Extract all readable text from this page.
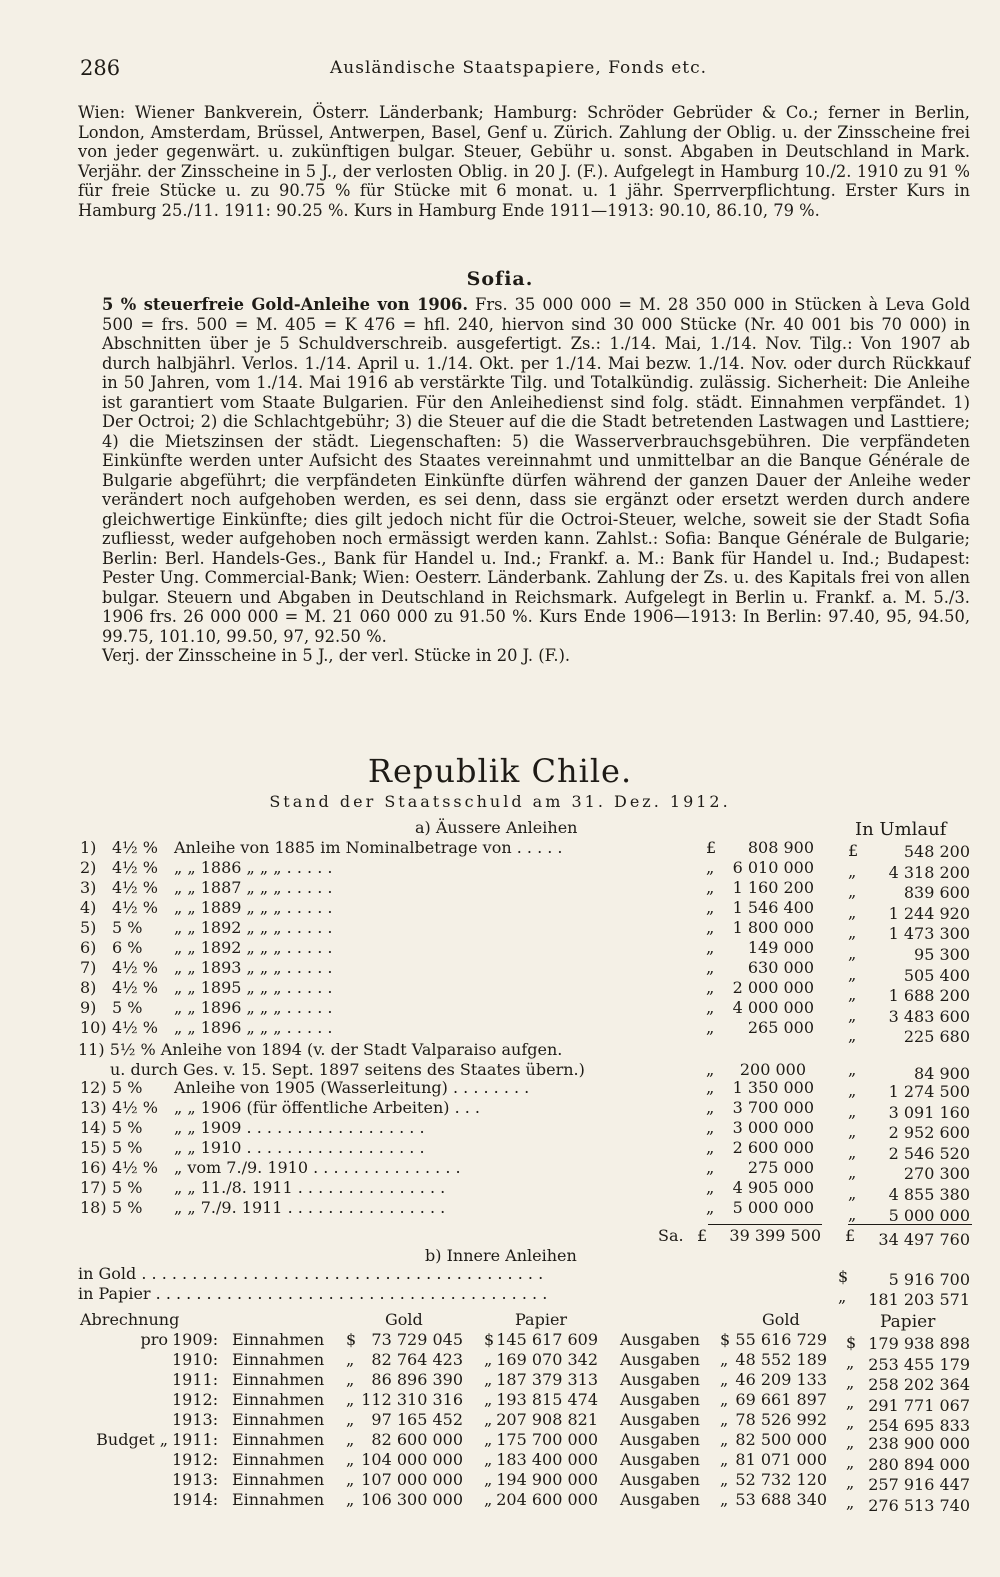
286	Ausländische Staatspapiere, Fonds etc.
Wien: Wiener Bankverein, Österr. Länderbank; Hamburg: Schröder Gebrüder & Co.; ferner in Berlin, London, Amsterdam, Brüssel, Antwerpen, Basel, Genf u. Zürich. Zahlung der Oblig. u. der Zinsscheine frei von jeder gegenwärt. u. zukünftigen bulgar. Steuer, Gebühr u. sonst. Abgaben in Deutschland in Mark. Verjähr. der Zinsscheine in 5 J., der verlosten Oblig. in 20 J. (F.). Aufgelegt in Hamburg 10./2. 1910 zu 91 % für freie Stücke u. zu 90.75 % für Stücke mit 6 monat. u. 1 jähr. Sperrverpflichtung. Erster Kurs in Hamburg 25./11. 1911: 90.25 %. Kurs in Hamburg Ende 1911—1913: 90.10, 86.10, 79 %.
Sofia.
5 % steuerfreie Gold-Anleihe von 1906. Frs. 35 000 000 = M. 28 350 000 in Stücken à Leva Gold 500 = frs. 500 = M. 405 = K 476 = hfl. 240, hiervon sind 30 000 Stücke (Nr. 40 001 bis 70 000) in Abschnitten über je 5 Schuldverschreib. ausgefertigt. Zs.: 1./14. Mai, 1./14. Nov. Tilg.: Von 1907 ab durch halbjährl. Verlos. 1./14. April u. 1./14. Okt. per 1./14. Mai bezw. 1./14. Nov. oder durch Rückkauf in 50 Jahren, vom 1./14. Mai 1916 ab verstärkte Tilg. und Totalkündig. zulässig. Sicherheit: Die Anleihe ist garantiert vom Staate Bulgarien. Für den Anleihedienst sind folg. städt. Einnahmen verpfändet. 1) Der Octroi; 2) die Schlachtgebühr; 3) die Steuer auf die die Stadt betretenden Lastwagen und Lasttiere; 4) die Mietszinsen der städt. Liegenschaften: 5) die Wasserverbrauchsgebühren. Die verpfändeten Einkünfte werden unter Aufsicht des Staates vereinnahmt und unmittelbar an die Banque Générale de Bulgarie abgeführt; die verpfändeten Einkünfte dürfen während der ganzen Dauer der Anleihe weder verändert noch aufgehoben werden, es sei denn, dass sie ergänzt oder ersetzt werden durch andere gleichwertige Einkünfte; dies gilt jedoch nicht für die Octroi-Steuer, welche, soweit sie der Stadt Sofia zufliesst, weder aufgehoben noch ermässigt werden kann. Zahlst.: Sofia: Banque Générale de Bulgarie; Berlin: Berl. Handels-Ges., Bank für Handel u. Ind.; Frankf. a. M.: Bank für Handel u. Ind.; Budapest: Pester Ung. Commercial-Bank; Wien: Oesterr. Länderbank. Zahlung der Zs. u. des Kapitals frei von allen bulgar. Steuern und Abgaben in Deutschland in Reichsmark. Aufgelegt in Berlin u. Frankf. a. M. 5./3. 1906 frs. 26 000 000 = M. 21 060 000 zu 91.50 %. Kurs Ende 1906—1913: In Berlin: 97.40, 95, 94.50, 99.75, 101.10, 99.50, 97, 92.50 %.
Verj. der Zinsscheine in 5 J., der verl. Stücke in 20 J. (F.).
Republik Chile.
Stand der Staatsschuld am 31. Dez. 1912.
a) Äussere Anleihen	In Umlauf
1) 4½ % Anleihe von 1885 im Nominalbetrage von . . . . .	£ 808 900 £	548 200
2) 4½ % „ „ 1886 „ „ „ . . . . .	„ 6 010 000 „ 4 318 200
3) 4½ % „ „ 1887 „ „ „ . . . . .	„ 1 160 200 „	839 600
4) 4½ % „ „ 1889 „ „ „ . . . . .	„ 1 546 400 „ 1 244 920
5) 5 % „ „ 1892 „ „ „ . . . . .	„ 1 800 000 „ 1 473 300
6) 6 % „ „ 1892 „ „ „ . . . . .	„ 149 000 „	95 300
7) 4½ % „ „ 1893 „ „ „ . . . . .	„ 630 000 „	505 400
8) 4½ % „ „ 1895 „ „ „ . . . . .	„ 2 000 000 „ 1 688 200
9) 5 % „ „ 1896 „ „ „ . . . . .	„ 4 000 000 „ 3 483 600
10) 4½ % „ „ 1896 „ „ „ . . . . .	„ 265 000 „	225 680
11) 5½ % Anleihe von 1894 (v. der Stadt Valparaiso aufgen.
u. durch Ges. v. 15. Sept. 1897 seitens des Staates übern.)	„ 200 000	„	84 900
12) 5 % Anleihe von 1905 (Wasserleitung) . . . . . . . .	„ 1 350 000 „ 1 274 500
13) 4½ % „ „ 1906 (für öffentliche Arbeiten) . . .	„ 3 700 000 „ 3 091 160
14) 5 % „ „ 1909 . . . . . . . . . . . . . . . . . .	„ 3 000 000 „ 2 952 600
15) 5 % „ „ 1910 . . . . . . . . . . . . . . . . . .	„ 2 600 000 „ 2 546 520
16) 4½ % „ vom 7./9. 1910 . . . . . . . . . . . . . . .	„ 275 000 „	270 300
17) 5 % „ „ 11./8. 1911 . . . . . . . . . . . . . . .	„ 4 905 000 „ 4 855 380
18) 5 % „ „ 7./9. 1911 . . . . . . . . . . . . . . . .	„ 5 000 000 „ 5 000 000
Sa. £ 39 399 500 £ 34 497 760
b) Innere Anleihen
in Gold . . . . . . . . . . . . . . . . . . . . . . . . . . . . . . . . . . . . . . . .	$	5 916 700
in Papier . . . . . . . . . . . . . . . . . . . . . . . . . . . . . . . . . . . . . . .	„ 181 203 571
Abrechnung	Gold	Papier	Gold	Papier
pro 1909: Einnahmen $ 73 729 045 $ 145 617 609 Ausgaben $ 55 616 729 $ 179 938 898
1910: Einnahmen „ 82 764 423 „ 169 070 342 Ausgaben „ 48 552 189 „ 253 455 179
1911: Einnahmen „ 86 896 390 „ 187 379 313 Ausgaben „ 46 209 133 „ 258 202 364
1912: Einnahmen „ 112 310 316 „ 193 815 474 Ausgaben „ 69 661 897 „ 291 771 067
1913: Einnahmen „ 97 165 452 „ 207 908 821 Ausgaben „ 78 526 992 „ 254 695 833
Budget „ 1911: Einnahmen „ 82 600 000 „ 175 700 000 Ausgaben „ 82 500 000 „ 238 900 000
1912: Einnahmen „ 104 000 000 „ 183 400 000 Ausgaben „ 81 071 000 „ 280 894 000
1913: Einnahmen „ 107 000 000 „ 194 900 000 Ausgaben „ 52 732 120 „ 257 916 447
1914: Einnahmen „ 106 300 000 „ 204 600 000 Ausgaben „ 53 688 340 „ 276 513 740
